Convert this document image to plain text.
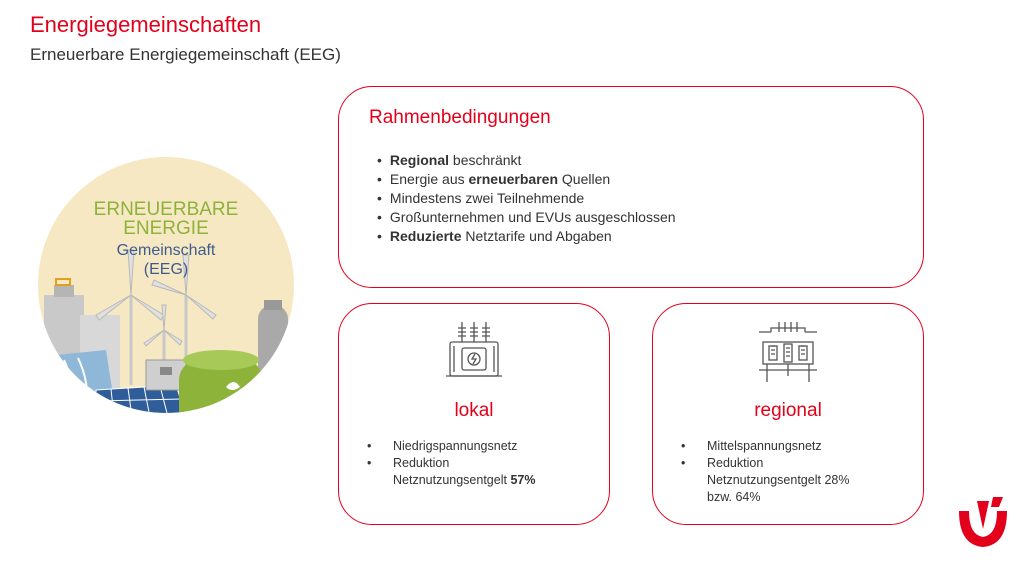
Energiegemeinschaften
Erneuerbare Energiegemeinschaft (EEG)
ERNEUERBARE
ENERGIE
Gemeinschaft
(EEG)
Rahmenbedingungen
• Regional beschränkt
• Energie aus erneuerbaren Quellen
• Mindestens zwei Teilnehmende
• Großunternehmen und EVUs ausgeschlossen
• Reduzierte Netztarife und Abgaben
lokal
• Niedrigspannungsnetz
• Reduktion
Netznutzungsentgelt 57%
regional
• Mittelspannungsnetz
• Reduktion
Netznutzungsentgelt 28%
bzw. 64%
